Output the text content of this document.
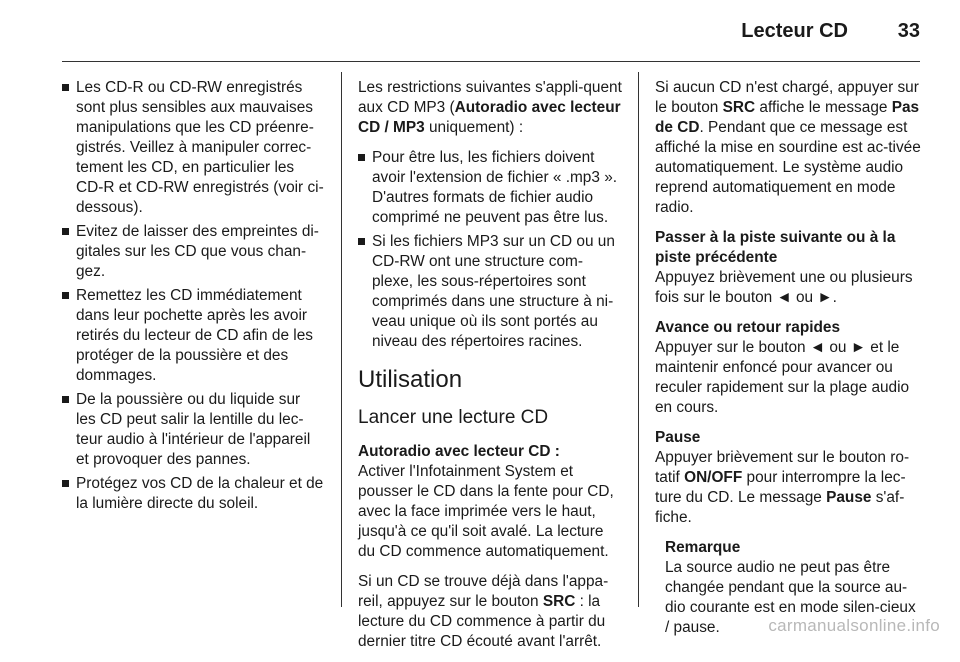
Lecteur CD 33
Les CD-R ou CD-RW enregistrés sont plus sensibles aux mauvaises manipulations que les CD préenre-gistrés. Veillez à manipuler correc-tement les CD, en particulier les CD-R et CD-RW enregistrés (voir ci-dessous).
Evitez de laisser des empreintes di-gitales sur les CD que vous chan-gez.
Remettez les CD immédiatement dans leur pochette après les avoir retirés du lecteur de CD afin de les protéger de la poussière et des dommages.
De la poussière ou du liquide sur les CD peut salir la lentille du lec-teur audio à l'intérieur de l'appareil et provoquer des pannes.
Protégez vos CD de la chaleur et de la lumière directe du soleil.

Les restrictions suivantes s'appli-quent aux CD MP3 (Autoradio avec lecteur CD / MP3 uniquement) :

Pour être lus, les fichiers doivent avoir l'extension de fichier « .mp3 ». D'autres formats de fichier audio comprimé ne peuvent pas être lus.
Si les fichiers MP3 sur un CD ou un CD-RW ont une structure com-plexe, les sous-répertoires sont comprimés dans une structure à ni-veau unique où ils sont portés au niveau des répertoires racines.
Utilisation
Lancer une lecture CD

Autoradio avec lecteur CD :
Activer l'Infotainment System et pousser le CD dans la fente pour CD, avec la face imprimée vers le haut, jusqu'à ce qu'il soit avalé. La lecture du CD commence automatiquement.

Si un CD se trouve déjà dans l'appa-reil, appuyez sur le bouton SRC : la lecture du CD commence à partir du dernier titre CD écouté avant l'arrêt.

Si aucun CD n'est chargé, appuyer sur le bouton SRC affiche le message Pas de CD. Pendant que ce message est affiché la mise en sourdine est ac-tivée automatiquement. Le système audio reprend automatiquement en mode radio.

Passer à la piste suivante ou à la piste précédente
Appuyez brièvement une ou plusieurs fois sur le bouton ◄ ou ►.

Avance ou retour rapides
Appuyer sur le bouton ◄ ou ► et le maintenir enfoncé pour avancer ou reculer rapidement sur la plage audio en cours.

Pause
Appuyer brièvement sur le bouton ro-tatif ON/OFF pour interrompre la lec-ture du CD. Le message Pause s'af-fiche.

Remarque
La source audio ne peut pas être changée pendant que la source au-dio courante est en mode silen-cieux / pause.	carmanualsonline.info
